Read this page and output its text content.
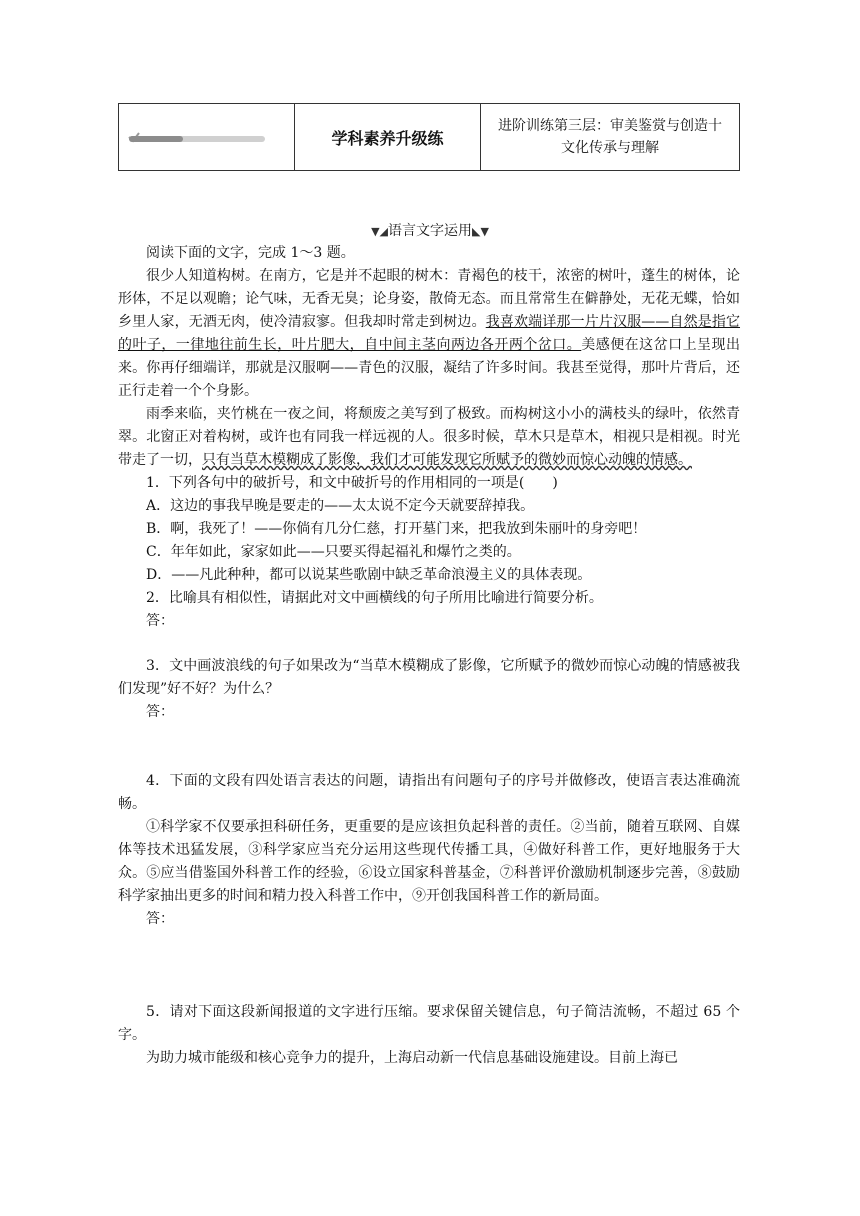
学科素养升级练
进阶训练第三层：审美鉴赏与创造十
文化传承与理解
▼◢语言文字运用◣▼

阅读下面的文字，完成 1～3 题。

很少人知道构树。在南方，它是并不起眼的树木：青褐色的枝干，浓密的树叶，蓬生的树体，论形体，不足以观瞻；论气味，无香无臭；论身姿，散倚无态。而且常常生在僻静处，无花无蝶，恰如乡里人家，无酒无肉，使冷清寂寥。但我却时常走到树边。我喜欢端详那一片片汉服——自然是指它的叶子，一律地往前生长，叶片肥大，自中间主茎向两边各开两个岔口。美感便在这岔口上呈现出来。你再仔细端详，那就是汉服啊——青色的汉服，凝结了许多时间。我甚至觉得，那叶片背后，还正行走着一个个身影。

雨季来临，夹竹桃在一夜之间，将颓废之美写到了极致。而构树这小小的满枝头的绿叶，依然青翠。北窗正对着构树，或许也有同我一样远视的人。很多时候，草木只是草木，相视只是相视。时光带走了一切，只有当草木模糊成了影像，我们才可能发现它所赋予的微妙而惊心动魄的情感。

1．下列各句中的破折号，和文中破折号的作用相同的一项是(　　)

A．这边的事我早晚是要走的——太太说不定今天就要辞掉我。

B．啊，我死了！——你倘有几分仁慈，打开墓门来，把我放到朱丽叶的身旁吧！

C．年年如此，家家如此——只要买得起福礼和爆竹之类的。

D．——凡此种种，都可以说某些歌剧中缺乏革命浪漫主义的具体表现。

2．比喻具有相似性，请据此对文中画横线的句子所用比喻进行简要分析。

答：

3．文中画波浪线的句子如果改为“当草木模糊成了影像，它所赋予的微妙而惊心动魄的情感被我们发现”好不好？为什么？

答：

4．下面的文段有四处语言表达的问题，请指出有问题句子的序号并做修改，使语言表达准确流畅。

①科学家不仅要承担科研任务，更重要的是应该担负起科普的责任。②当前，随着互联网、自媒体等技术迅猛发展，③科学家应当充分运用这些现代传播工具，④做好科普工作，更好地服务于大众。⑤应当借鉴国外科普工作的经验，⑥设立国家科普基金，⑦科普评价激励机制逐步完善，⑧鼓励科学家抽出更多的时间和精力投入科普工作中，⑨开创我国科普工作的新局面。

答：

5．请对下面这段新闻报道的文字进行压缩。要求保留关键信息，句子简洁流畅，不超过 65 个字。

为助力城市能级和核心竞争力的提升，上海启动新一代信息基础设施建设。目前上海已
